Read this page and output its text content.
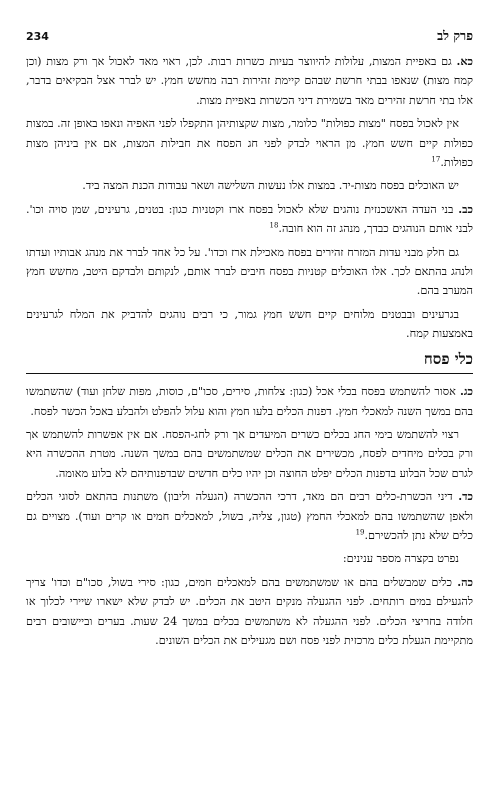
234	פרק לב

כא. גם באפיית המצות, עלולות להיווצר בעיות כשרות רבות. לכן, ראוי מאד לאכול אך ורק מצות (וכן קמח מצות) שנאפו בבתי חרשת שבהם קיימת זהירות רבה מחשש חמץ. יש לברר אצל הבקיאים בדבר, אלו בתי חרשת זהירים מאד בשמירת דיני הכשרות באפיית מצות.

אין לאכול בפסח "מצות כפולות" כלומר, מצות שקצותיהן התקפלו לפני האפיה ונאפו באופן זה. במצות כפולות קיים חשש חמץ. מן הראוי לבדק לפני חג הפסח את חבילות המצות, אם אין ביניהן מצות כפולות.$^{17}$

יש האוכלים בפסח מצות-יד. במצות אלו נעשות השלישה ושאר עבודות הכנת המצה ביד.

כב. בני העדה האשכנזית נוהגים שלא לאכול בפסח ארז וקטניות כגון: בטנים, גרעינים, שמן סויה וכו'. לבני אותם הנוהגים כבדך, מנהג זה הוא חובה.$^{18}$

גם חלק מבני עדות המזרח זהירים בפסח מאכילת ארז וכדו'. על כל אחד לברר את מנהג אבותיו ועדתו ולנהג בהתאם לכך. אלו האוכלים קטניות בפסח חיבים לברר אותם, לנקותם ולבדקם היטב, מחשש חמץ המערב בהם.

בגרעינים ובבטנים מלוחים קיים חשש חמץ גמור, כי רבים נוהגים להדביק את המלח לגרעינים באמצעות קמח.

כלי פסח

כג. אסור להשתמש בפסח בכלי אכל (כגון: צלחות, סירים, סכו"ם, כוסות, מפות שלחן ועוד) שהשתמשו בהם במשך השנה למאכלי חמץ. דפנות הכלים בלעו חמץ והוא עלול להפלט ולהבלע באכל הכשר לפסח.

רצוי להשתמש בימי החג בכלים כשרים המיעדים אך ורק לחג-הפסח. אם אין אפשרות להשתמש אך ורק בכלים מיחדים לפסח, מכשירים את הכלים שמשתמשים בהם במשך השנה. מטרת ההכשרה היא לגרם שכל הבלוע בדפנות הכלים יפלט החוצה וכן יהיו כלים חדשים שבדפנותיהם לא בלוע מאומה.

כד. דיני הכשרת-כלים רבים הם מאד, דרכי ההכשרה (הגעלה וליבון) משתנות בהתאם לסוגי הכלים ולאפן שהשתמשו בהם למאכלי החמץ (טגון, צליה, בשול, למאכלים חמים או קרים ועוד). מצויים גם כלים שלא נתן להכשירם.$^{19}$

נפרט בקצרה מספר ענינים:

כה. כלים שמבשלים בהם או שמשתמשים בהם למאכלים חמים, כגון: סירי בשול, סכו"ם וכדו' צריך להגעילם במים רותחים. לפני ההגעלה מנקים היטב את הכלים. יש לבדק שלא ישארו שיירי לכלוך או חלודה בחריצי הכלים. לפני ההגעלה לא משתמשים בכלים במשך 24 שעות. בערים וביישובים רבים מתקיימת הגעלת כלים מרכזית לפני פסח ושם מגעילים את הכלים השונים.
